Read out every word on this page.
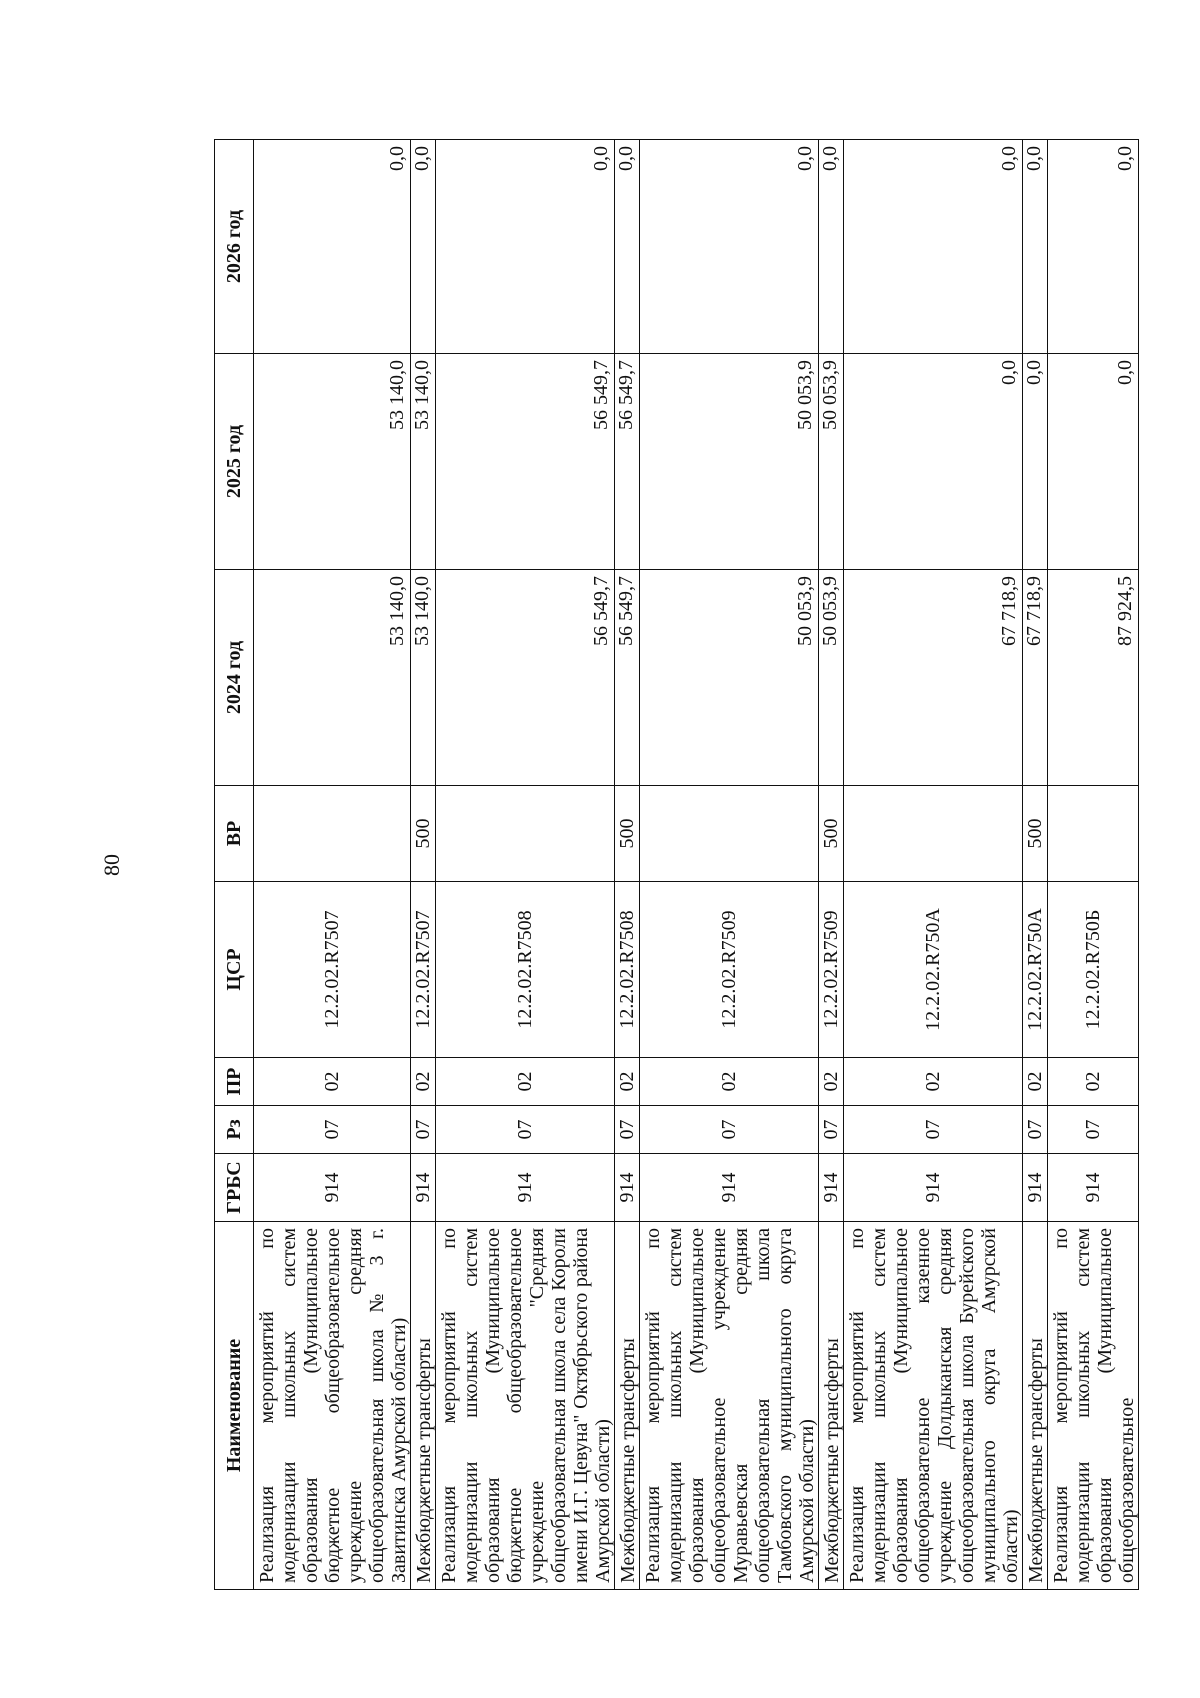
80
Наименование	ГРБС	Рз	ПР	ЦСР	ВР	2024 год	2025 год	2026 год
Реализация мероприятий по модернизации школьных систем образования (Муниципальное бюджетное общеобразовательное учреждение средняя общеобразовательная школа № 3 г. Завитинска Амурской области)	914	07	02	12.2.02.R7507		53 140,0	53 140,0	0,0
Межбюджетные трансферты	914	07	02	12.2.02.R7507	500	53 140,0	53 140,0	0,0
Реализация мероприятий по модернизации школьных систем образования (Муниципальное бюджетное общеобразовательное учреждение "Средняя общеобразовательная школа села Короли имени И.Г. Цевуна" Октябрьского района Амурской области)	914	07	02	12.2.02.R7508		56 549,7	56 549,7	0,0
Межбюджетные трансферты	914	07	02	12.2.02.R7508	500	56 549,7	56 549,7	0,0
Реализация мероприятий по модернизации школьных систем образования (Муниципальное общеобразовательное учреждение Муравьевская средняя общеобразовательная школа Тамбовского муниципального округа Амурской области)	914	07	02	12.2.02.R7509		50 053,9	50 053,9	0,0
Межбюджетные трансферты	914	07	02	12.2.02.R7509	500	50 053,9	50 053,9	0,0
Реализация мероприятий по модернизации школьных систем образования (Муниципальное общеобразовательное казенное учреждение Долдыканская средняя общеобразовательная школа Бурейского муниципального округа Амурской области)	914	07	02	12.2.02.R750А		67 718,9	0,0	0,0
Межбюджетные трансферты	914	07	02	12.2.02.R750А	500	67 718,9	0,0	0,0
Реализация мероприятий по модернизации школьных систем образования (Муниципальное общеобразовательное	914	07	02	12.2.02.R750Б		87 924,5	0,0	0,0
